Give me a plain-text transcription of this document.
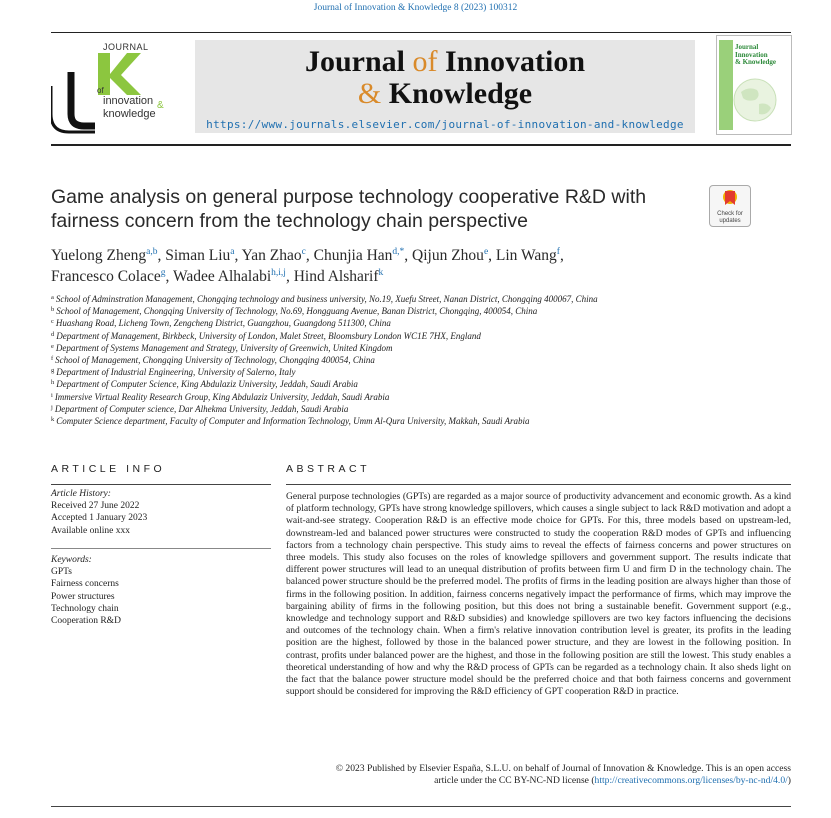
Journal of Innovation & Knowledge 8 (2023) 100312
JOURNAL
of
innovation &
knowledge
Journal of Innovation
& Knowledge
https://www.journals.elsevier.com/journal-of-innovation-and-knowledge
Journal
Innovation
& Knowledge
Check for
updates
Game analysis on general purpose technology cooperative R&D with fairness concern from the technology chain perspective
Yuelong Zheng$^{a,b}$, Siman Liu$^a$, Yan Zhao$^c$, Chunjia Han$^{d,*}$, Qijun Zhou$^e$, Lin Wang$^f$,
Francesco Colace$^g$, Wadee Alhalabi$^{h,i,j}$, Hind Alsharif$^k$
$^a$ School of Adminstration Management, Chongqing technology and business university, No.19, Xuefu Street, Nanan District, Chongqing 400067, China
$^b$ School of Management, Chongqing University of Technology, No.69, Hongguang Avenue, Banan District, Chongqing, 400054, China
$^c$ Huashang Road, Licheng Town, Zengcheng District, Guangzhou, Guangdong 511300, China
$^d$ Department of Management, Birkbeck, University of London, Malet Street, Bloomsbury London WC1E 7HX, England
$^e$ Department of Systems Management and Strategy, University of Greenwich, United Kingdom
$^f$ School of Management, Chongqing University of Technology, Chongqing 400054, China
$^g$ Department of Industrial Engineering, University of Salerno, Italy
$^h$ Department of Computer Science, King Abdulaziz University, Jeddah, Saudi Arabia
$^i$ Immersive Virtual Reality Research Group, King Abdulaziz University, Jeddah, Saudi Arabia
$^j$ Department of Computer science, Dar Alhekma University, Jeddah, Saudi Arabia
$^k$ Computer Science department, Faculty of Computer and Information Technology, Umm Al-Qura University, Makkah, Saudi Arabia
ARTICLE INFO
Article History:
Received 27 June 2022
Accepted 1 January 2023
Available online xxx
Keywords:
GPTs
Fairness concerns
Power structures
Technology chain
Cooperation R&D
ABSTRACT
General purpose technologies (GPTs) are regarded as a major source of productivity advancement and economic growth. As a kind of platform technology, GPTs have strong knowledge spillovers, which causes a single subject to lack R&D motivation and adopt a wait-and-see strategy. Cooperation R&D is an effective mode choice for GPTs. For this, three models based on upstream-led, downstream-led and balanced power structures were constructed to study the cooperation R&D modes of GPTs and influencing factors from a technology chain perspective. This study aims to reveal the effects of fairness concerns and power structures on three models. This study also focuses on the roles of knowledge spillovers and government support. The results indicate that different power structures will lead to an unequal distribution of profits between firm U and firm D in the technology chain. The balanced power structure should be the preferred model. The profits of firms in the leading position are always higher than those of firms in the following position. In addition, fairness concerns negatively impact the performance of firms, which may improve the bargaining ability of firms in the following position, but this does not bring a sustainable benefit. Government support (e.g., knowledge and technology support and R&D subsidies) and knowledge spillovers are two key factors influencing the decisions and outcomes of the technology chain. When a firm's relative innovation contribution level is greater, its profits in the leading position are the highest, followed by those in the balanced power structure, and they are lowest in the following position. In contrast, profits under balanced power are the highest, and those in the following position are still the lowest. This study enables a theoretical understanding of how and why the R&D process of GPTs can be regarded as a technology chain. It also sheds light on the fact that the balance power structure model should be the preferred choice and that both fairness concerns and government support should be considered for improving the R&D efficiency of GPT cooperation R&D in practice.
© 2023 Published by Elsevier España, S.L.U. on behalf of Journal of Innovation & Knowledge. This is an open access
article under the CC BY-NC-ND license (http://creativecommons.org/licenses/by-nc-nd/4.0/)
